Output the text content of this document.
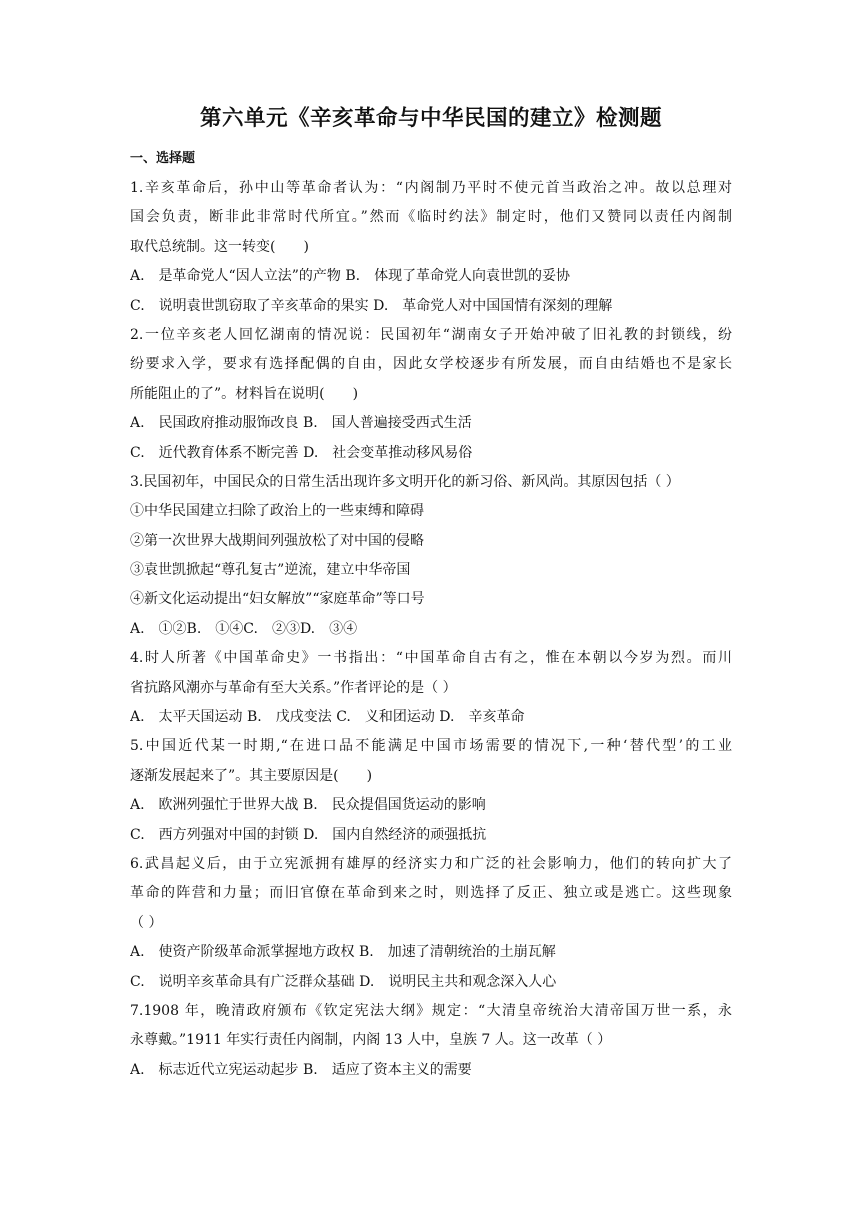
第六单元《辛亥革命与中华民国的建立》检测题
一、选择题
1.辛亥革命后，孙中山等革命者认为：“内阁制乃平时不使元首当政治之冲。故以总理对
国会负责，断非此非常时代所宜。”然而《临时约法》制定时，他们又赞同以责任内阁制
取代总统制。这一转变(　　)
A.　是革命党人“因人立法”的产物 B.　体现了革命党人向袁世凯的妥协
C.　说明袁世凯窃取了辛亥革命的果实 D.　革命党人对中国国情有深刻的理解
2.一位辛亥老人回忆湖南的情况说：民国初年“湖南女子开始冲破了旧礼教的封锁线，纷
纷要求入学，要求有选择配偶的自由，因此女学校逐步有所发展，而自由结婚也不是家长
所能阻止的了”。材料旨在说明(　　)
A.　民国政府推动服饰改良 B.　国人普遍接受西式生活
C.　近代教育体系不断完善 D.　社会变革推动移风易俗
3.民国初年，中国民众的日常生活出现许多文明开化的新习俗、新风尚。其原因包括（ ）
①中华民国建立扫除了政治上的一些束缚和障碍
②第一次世界大战期间列强放松了对中国的侵略
③袁世凯掀起“尊孔复古”逆流，建立中华帝国
④新文化运动提出“妇女解放”“家庭革命”等口号
A.　①②B.　①④C.　②③D.　③④
4.时人所著《中国革命史》一书指出：“中国革命自古有之，惟在本朝以今岁为烈。而川
省抗路风潮亦与革命有至大关系。”作者评论的是（ ）
A.　太平天国运动 B.　戊戌变法 C.　义和团运动 D.　辛亥革命
5.中国近代某一时期,“在进口品不能满足中国市场需要的情况下,一种‘替代型’的工业
逐渐发展起来了”。其主要原因是(　　)
A.　欧洲列强忙于世界大战 B.　民众提倡国货运动的影响
C.　西方列强对中国的封锁 D.　国内自然经济的顽强抵抗
6.武昌起义后，由于立宪派拥有雄厚的经济实力和广泛的社会影响力，他们的转向扩大了
革命的阵营和力量；而旧官僚在革命到来之时，则选择了反正、独立或是逃亡。这些现象
（ ）
A.　使资产阶级革命派掌握地方政权 B.　加速了清朝统治的土崩瓦解
C.　说明辛亥革命具有广泛群众基础 D.　说明民主共和观念深入人心
7.1908 年，晚清政府颁布《钦定宪法大纲》规定：“大清皇帝统治大清帝国万世一系，永
永尊戴。”1911 年实行责任内阁制，内阁 13 人中，皇族 7 人。这一改革（ ）
A.　标志近代立宪运动起步 B.　适应了资本主义的需要
